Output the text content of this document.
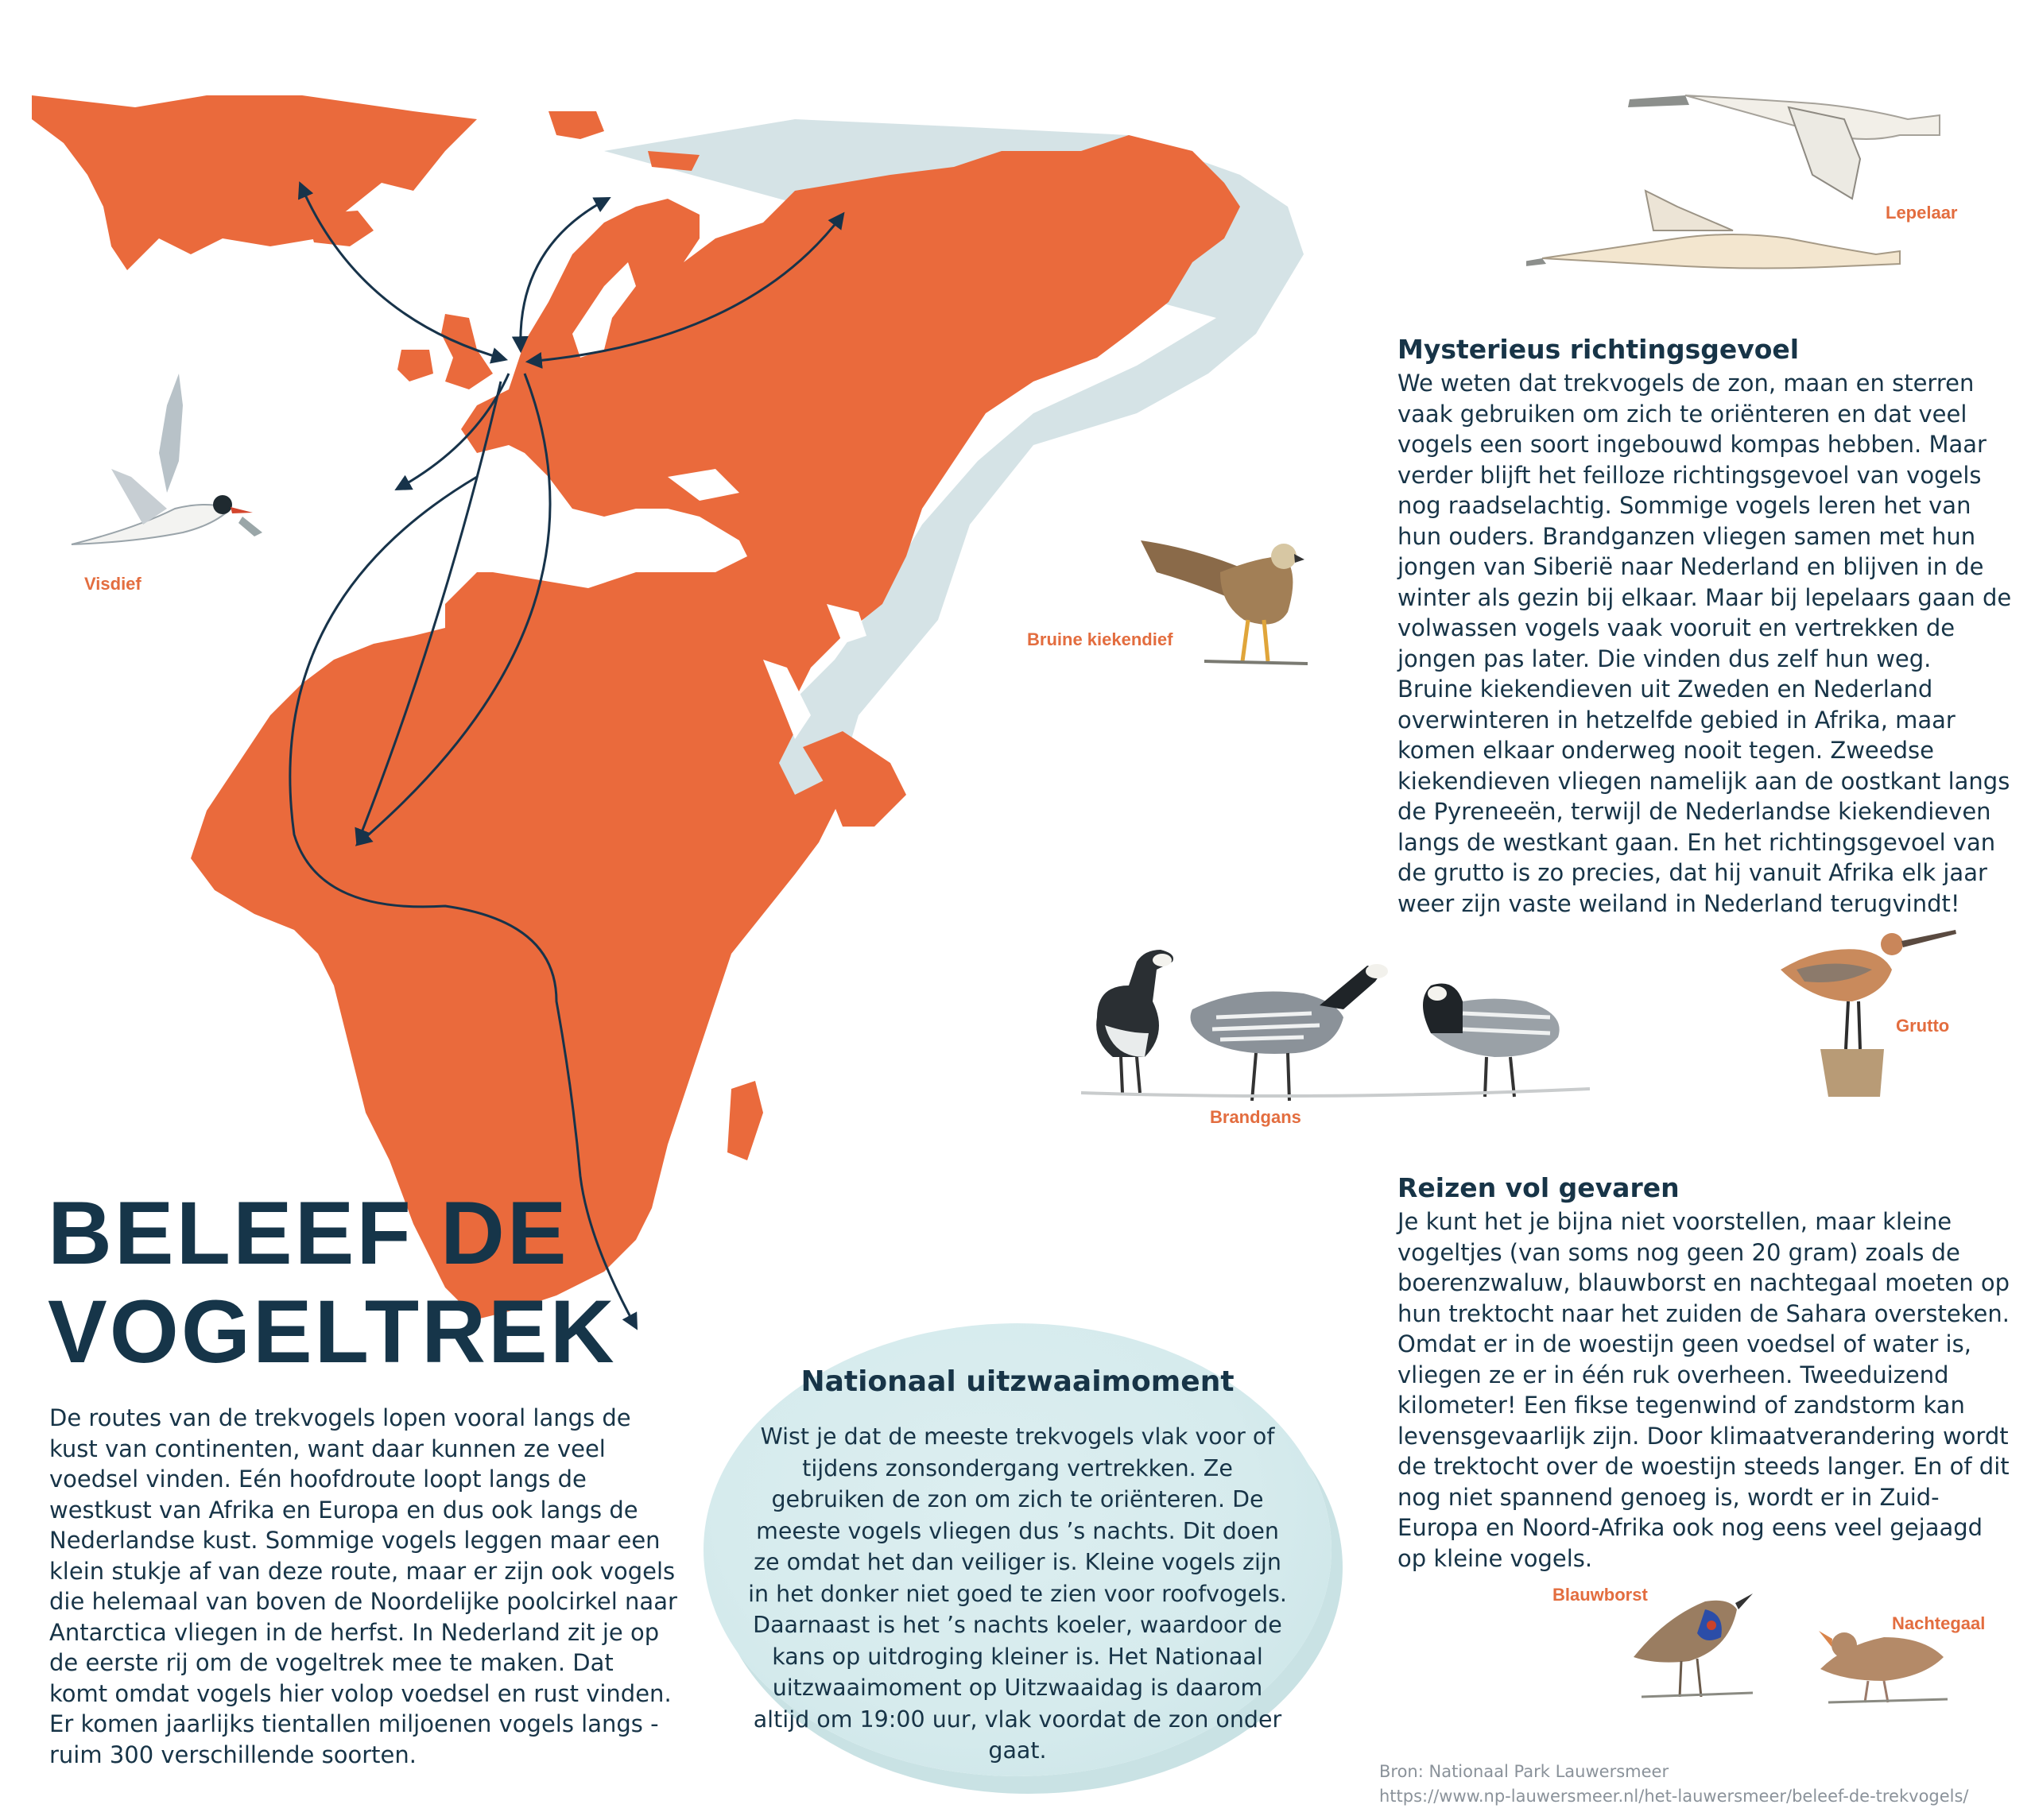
Visdief
Lepelaar
Bruine kiekendief
Brandgans
Grutto
Blauwborst
Nachtegaal
BELEEF DE
VOGELTREK
De routes van de trekvogels lopen vooral langs de kust van continenten, want daar kunnen ze veel voedsel vinden. Eén hoofdroute loopt langs de westkust van Afrika en Europa en dus ook langs de Nederlandse kust. Sommige vogels leggen maar een klein stukje af van deze route, maar er zijn ook vogels die helemaal van boven de Noordelijke poolcirkel naar Antarctica vliegen in de herfst. In Nederland zit je op de eerste rij om de vogeltrek mee te maken. Dat komt omdat vogels hier volop voedsel en rust vinden. Er komen jaarlijks tientallen miljoenen vogels langs - ruim 300 verschillende soorten.
Mysterieus richtingsgevoel
We weten dat trekvogels de zon, maan en sterren vaak gebruiken om zich te oriënteren en dat veel vogels een soort ingebouwd kompas hebben. Maar verder blijft het feilloze richtingsgevoel van vogels nog raadselachtig. Sommige vogels leren het van hun ouders. Brandganzen vliegen samen met hun jongen van Siberië naar Nederland en blijven in de winter als gezin bij elkaar. Maar bij lepelaars gaan de volwassen vogels vaak vooruit en vertrekken de jongen pas later. Die vinden dus zelf hun weg. Bruine kiekendieven uit Zweden en Nederland overwinteren in hetzelfde gebied in Afrika, maar komen elkaar onderweg nooit tegen. Zweedse kiekendieven vliegen namelijk aan de oostkant langs de Pyreneeën, terwijl de Nederlandse kiekendieven langs de westkant gaan. En het richtingsgevoel van de grutto is zo precies, dat hij vanuit Afrika elk jaar weer zijn vaste weiland in Nederland terugvindt!
Reizen vol gevaren
Je kunt het je bijna niet voorstellen, maar kleine vogeltjes (van soms nog geen 20 gram) zoals de boerenzwaluw, blauwborst en nachtegaal moeten op hun trektocht naar het zuiden de Sahara oversteken. Omdat er in de woestijn geen voedsel of water is, vliegen ze er in één ruk overheen. Tweeduizend kilometer! Een fikse tegenwind of zandstorm kan levensgevaarlijk zijn. Door klimaatverandering wordt de trektocht over de woestijn steeds langer. En of dit nog niet spannend genoeg is, wordt er in Zuid-Europa en Noord-Afrika ook nog eens veel gejaagd op kleine vogels.
Nationaal uitzwaaimoment
Wist je dat de meeste trekvogels vlak voor of tijdens zonsondergang vertrekken. Ze gebruiken de zon om zich te oriënteren. De meeste vogels vliegen dus ’s nachts. Dit doen ze omdat het dan veiliger is. Kleine vogels zijn in het donker niet goed te zien voor roofvogels. Daarnaast is het ’s nachts koeler, waardoor de kans op uitdroging kleiner is. Het Nationaal uitzwaaimoment op Uitzwaaidag is daarom altijd om 19:00 uur, vlak voordat de zon onder gaat.
Bron: Nationaal Park Lauwersmeer
https://www.np-lauwersmeer.nl/het-lauwersmeer/beleef-de-trekvogels/
